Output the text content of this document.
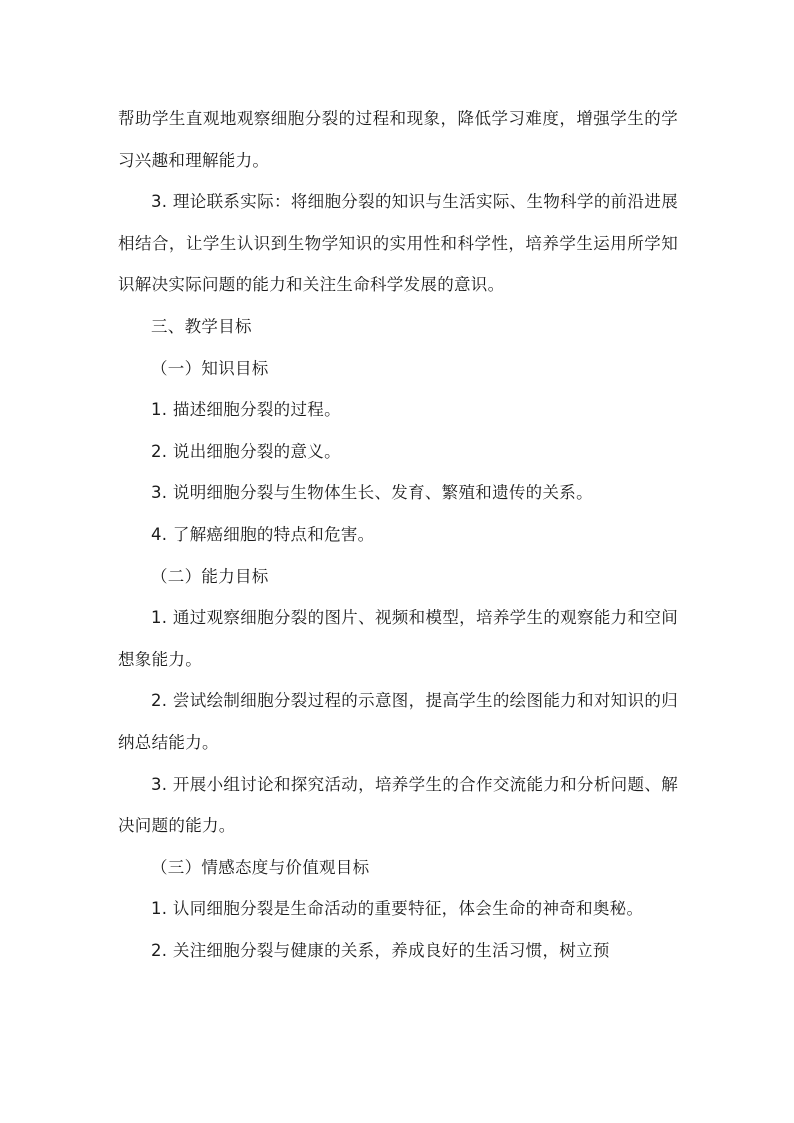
帮助学生直观地观察细胞分裂的过程和现象，降低学习难度，增强学生的学习兴趣和理解能力。

3. 理论联系实际：将细胞分裂的知识与生活实际、生物科学的前沿进展相结合，让学生认识到生物学知识的实用性和科学性，培养学生运用所学知识解决实际问题的能力和关注生命科学发展的意识。

三、教学目标

（一）知识目标

1. 描述细胞分裂的过程。

2. 说出细胞分裂的意义。

3. 说明细胞分裂与生物体生长、发育、繁殖和遗传的关系。

4. 了解癌细胞的特点和危害。

（二）能力目标

1. 通过观察细胞分裂的图片、视频和模型，培养学生的观察能力和空间想象能力。

2. 尝试绘制细胞分裂过程的示意图，提高学生的绘图能力和对知识的归纳总结能力。

3. 开展小组讨论和探究活动，培养学生的合作交流能力和分析问题、解决问题的能力。

（三）情感态度与价值观目标

1. 认同细胞分裂是生命活动的重要特征，体会生命的神奇和奥秘。

2. 关注细胞分裂与健康的关系，养成良好的生活习惯，树立预
